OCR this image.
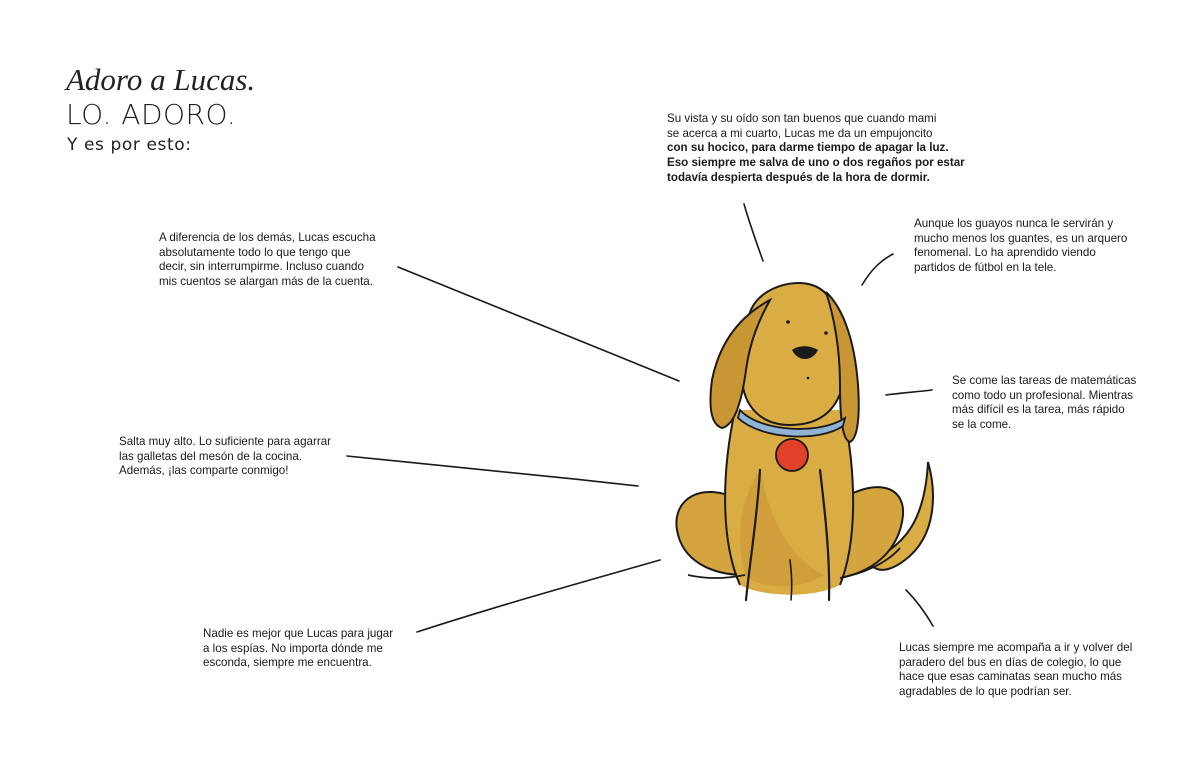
Adoro a Lucas.
LO. ADORO.
Y es por esto:
A diferencia de los demás, Lucas escucha
absolutamente todo lo que tengo que
decir, sin interrumpirme. Incluso cuando
mis cuentos se alargan más de la cuenta.
Salta muy alto. Lo suficiente para agarrar
las galletas del mesón de la cocina.
Además, ¡las comparte conmigo!
Nadie es mejor que Lucas para jugar
a los espías. No importa dónde me
esconda, siempre me encuentra.
Su vista y su oído son tan buenos que cuando mami
se acerca a mi cuarto, Lucas me da un empujoncito
con su hocico, para darme tiempo de apagar la luz.
Eso siempre me salva de uno o dos regaños por estar
todavía despierta después de la hora de dormir.
Aunque los guayos nunca le servirán y
mucho menos los guantes, es un arquero
fenomenal. Lo ha aprendido viendo
partidos de fútbol en la tele.
Se come las tareas de matemáticas
como todo un profesional. Mientras
más difícil es la tarea, más rápido
se la come.
Lucas siempre me acompaña a ir y volver del
paradero del bus en días de colegio, lo que
hace que esas caminatas sean mucho más
agradables de lo que podrían ser.
